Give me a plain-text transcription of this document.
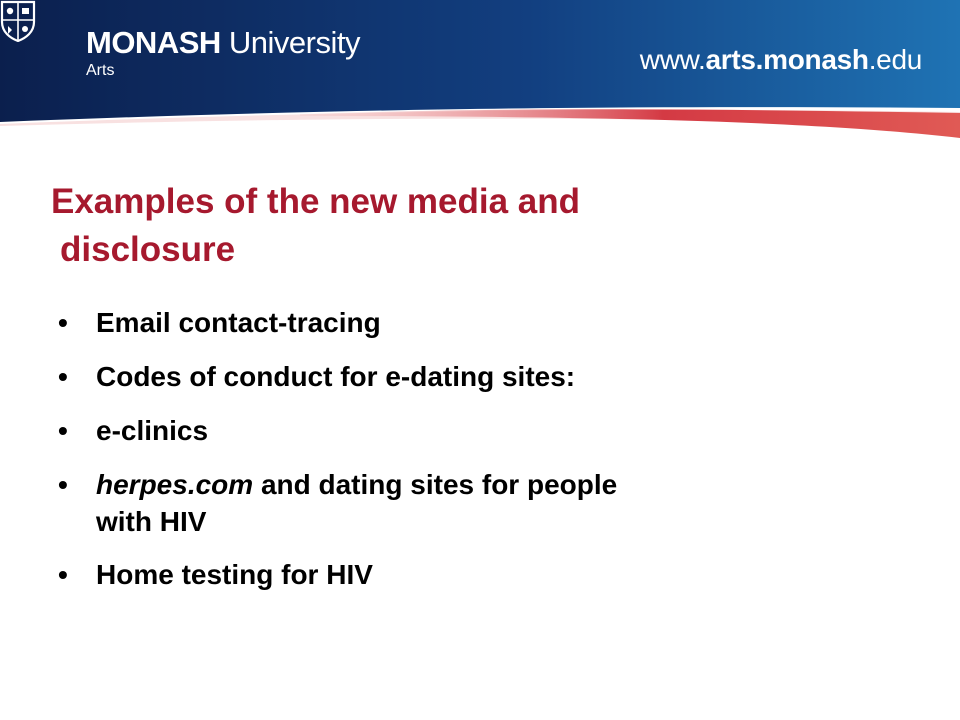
MONASH University
Arts	www.arts.monash.edu
Examples of the new media and
disclosure
• Email contact-tracing
• Codes of conduct for e-dating sites:
• e-clinics
• herpes.com and dating sites for people
with HIV
• Home testing for HIV
